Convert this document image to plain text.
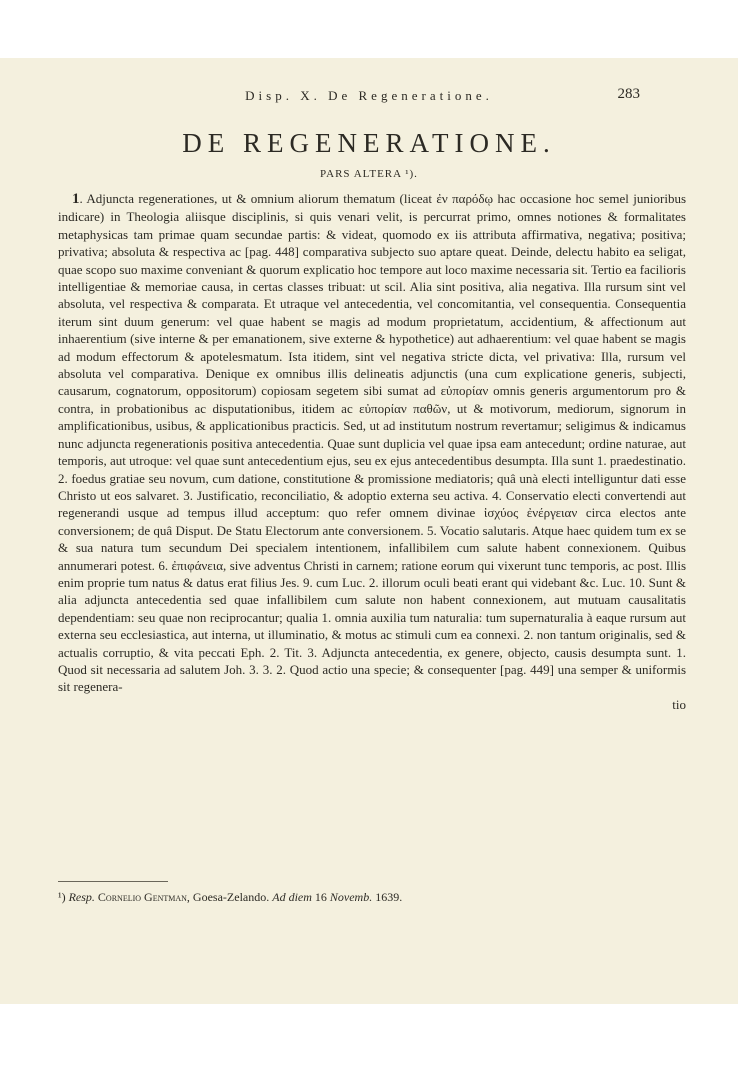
Disp. X. De Regeneratione.	283
DE REGENERATIONE.
PARS ALTERA ¹).

1. Adjuncta regenerationes, ut & omnium aliorum thematum (liceat ἐν παρόδῳ hac occasione hoc semel junioribus indicare) in Theologia aliisque disciplinis, si quis venari velit, is percurrat primo, omnes notiones & formalitates metaphysicas tam primae quam secundae partis: & videat, quomodo ex iis attributa affirmativa, negativa; positiva; privativa; absoluta & respectiva ac [pag. 448] comparativa subjecto suo aptare queat. Deinde, delectu habito ea seligat, quae scopo suo maxime conveniant & quorum explicatio hoc tempore aut loco maxime necessaria sit. Tertio ea facilioris intelligentiae & memoriae causa, in certas classes tribuat: ut scil. Alia sint positiva, alia negativa. Illa rursum sint vel absoluta, vel respectiva & comparata. Et utraque vel antecedentia, vel concomitantia, vel consequentia. Consequentia iterum sint duum generum: vel quae habent se magis ad modum proprietatum, accidentium, & affectionum aut inhaerentium (sive interne & per emanationem, sive externe & hypothetice) aut adhaerentium: vel quae habent se magis ad modum effectorum & apotelesmatum. Ista itidem, sint vel negativa stricte dicta, vel privativa: Illa, rursum vel absoluta vel comparativa. Denique ex omnibus illis delineatis adjunctis (una cum explicatione generis, subjecti, causarum, cognatorum, oppositorum) copiosam segetem sibi sumat ad εὐπορίαν omnis generis argumentorum pro & contra, in probationibus ac disputationibus, itidem ac εὐπορίαν παθῶν, ut & motivorum, mediorum, signorum in amplificationibus, usibus, & applicationibus practicis. Sed, ut ad institutum nostrum revertamur; seligimus & indicamus nunc adjuncta regenerationis positiva antecedentia. Quae sunt duplicia vel quae ipsa eam antecedunt; ordine naturae, aut temporis, aut utroque: vel quae sunt antecedentium ejus, seu ex ejus antecedentibus desumpta. Illa sunt 1. praedestinatio. 2. foedus gratiae seu novum, cum datione, constitutione & promissione mediatoris; quâ unà electi intelliguntur dati esse Christo ut eos salvaret. 3. Justificatio, reconciliatio, & adoptio externa seu activa. 4. Conservatio electi convertendi aut regenerandi usque ad tempus illud acceptum: quo refer omnem divinae ἰσχύος ἐνέργειαν circa electos ante conversionem; de quâ Disput. De Statu Electorum ante conversionem. 5. Vocatio salutaris. Atque haec quidem tum ex se & sua natura tum secundum Dei specialem intentionem, infallibilem cum salute habent connexionem. Quibus annumerari potest. 6. ἐπιφάνεια, sive adventus Christi in carnem; ratione eorum qui vixerunt tunc temporis, ac post. Illis enim proprie tum natus & datus erat filius Jes. 9. cum Luc. 2. illorum oculi beati erant qui videbant &c. Luc. 10. Sunt & alia adjuncta antecedentia sed quae infallibilem cum salute non habent connexionem, aut mutuam causalitatis dependentiam: seu quae non reciprocantur; qualia 1. omnia auxilia tum naturalia: tum supernaturalia à eaque rursum aut externa seu ecclesiastica, aut interna, ut illuminatio, & motus ac stimuli cum ea connexi. 2. non tantum originalis, sed & actualis corruptio, & vita peccati Eph. 2. Tit. 3. Adjuncta antecedentia, ex genere, objecto, causis desumpta sunt. 1. Quod sit necessaria ad salutem Joh. 3. 3. 2. Quod actio una specie; & consequenter [pag. 449] una semper & uniformis sit regenera-

tio
¹) Resp. Cornelio Gentman, Goesa-Zelando. Ad diem 16 Novemb. 1639.
